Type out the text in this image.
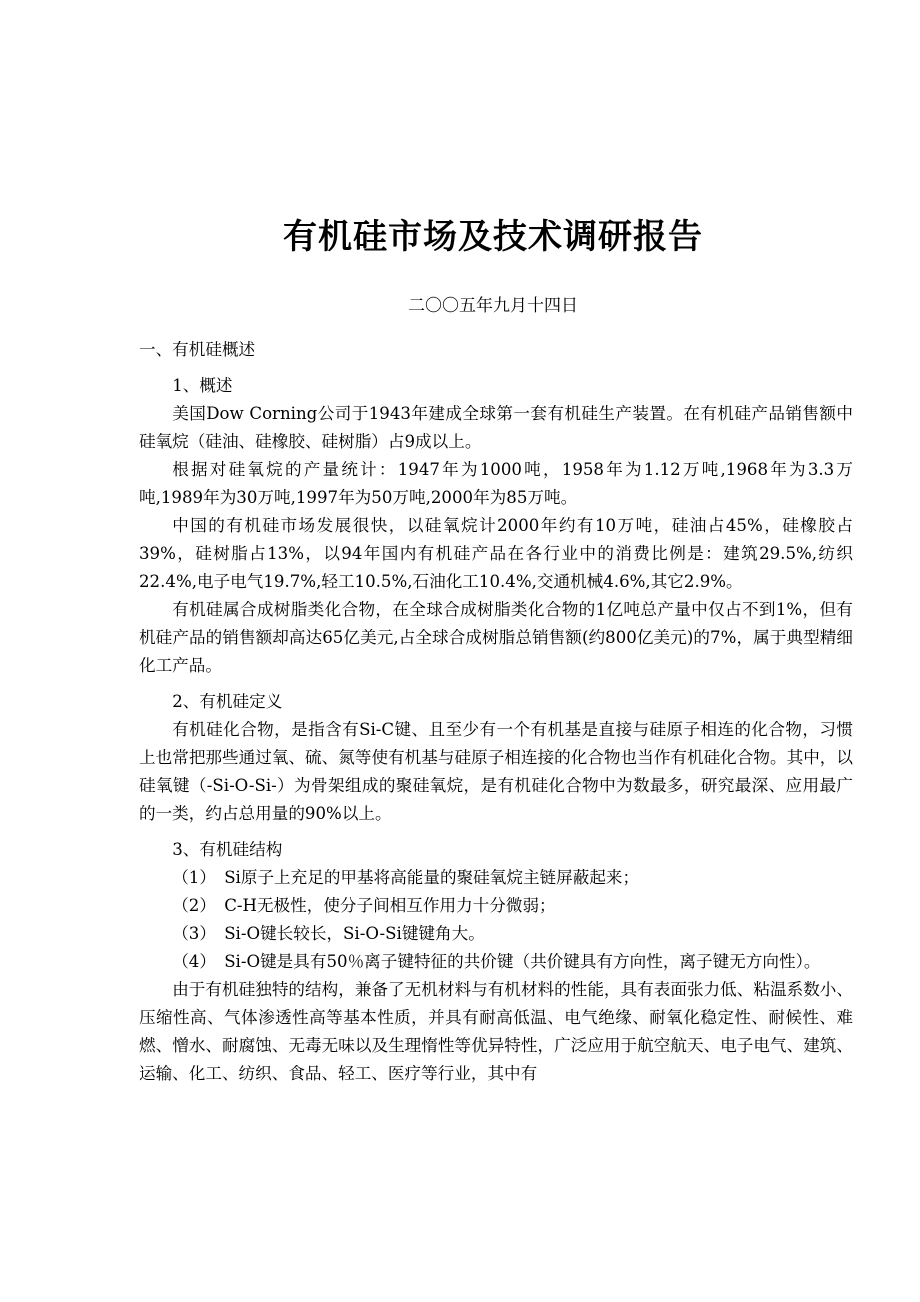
有机硅市场及技术调研报告
二〇〇五年九月十四日

一、有机硅概述

1、概述

美国Dow Corning公司于1943年建成全球第一套有机硅生产装置。在有机硅产品销售额中硅氧烷（硅油、硅橡胶、硅树脂）占9成以上。

根据对硅氧烷的产量统计：1947年为1000吨，1958年为1.12万吨,1968年为3.3万吨,1989年为30万吨,1997年为50万吨,2000年为85万吨。

中国的有机硅市场发展很快，以硅氧烷计2000年约有10万吨，硅油占45%，硅橡胶占39%，硅树脂占13%，以94年国内有机硅产品在各行业中的消费比例是：建筑29.5%,纺织22.4%,电子电气19.7%,轻工10.5%,石油化工10.4%,交通机械4.6%,其它2.9%。

有机硅属合成树脂类化合物，在全球合成树脂类化合物的1亿吨总产量中仅占不到1%，但有机硅产品的销售额却高达65亿美元,占全球合成树脂总销售额(约800亿美元)的7%，属于典型精细化工产品。

2、有机硅定义

有机硅化合物，是指含有Si-C键、且至少有一个有机基是直接与硅原子相连的化合物，习惯上也常把那些通过氧、硫、氮等使有机基与硅原子相连接的化合物也当作有机硅化合物。其中，以硅氧键（-Si-O-Si-）为骨架组成的聚硅氧烷，是有机硅化合物中为数最多，研究最深、应用最广的一类，约占总用量的90%以上。

3、有机硅结构

（1） Si原子上充足的甲基将高能量的聚硅氧烷主链屏蔽起来；

（2） C-H无极性，使分子间相互作用力十分微弱；

（3） Si-O键长较长，Si-O-Si键键角大。

（4） Si-O键是具有50％离子键特征的共价键（共价键具有方向性，离子键无方向性）。

由于有机硅独特的结构，兼备了无机材料与有机材料的性能，具有表面张力低、粘温系数小、压缩性高、气体渗透性高等基本性质，并具有耐高低温、电气绝缘、耐氧化稳定性、耐候性、难燃、憎水、耐腐蚀、无毒无味以及生理惰性等优异特性，广泛应用于航空航天、电子电气、建筑、运输、化工、纺织、食品、轻工、医疗等行业，其中有
